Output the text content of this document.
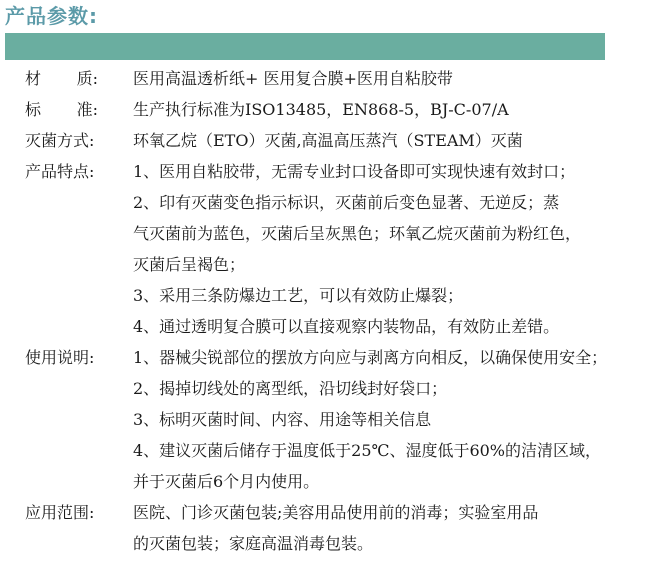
产品参数:
材 质: 医用高温透析纸+ 医用复合膜+医用自粘胶带
标 准: 生产执行标准为ISO13485，EN868-5，BJ-C-07/A
灭菌方式:	环氧乙烷（ETO）灭菌,高温高压蒸汽（STEAM）灭菌
产品特点:	1、医用自粘胶带，无需专业封口设备即可实现快速有效封口；
2、印有灭菌变色指示标识，灭菌前后变色显著、无逆反；蒸
气灭菌前为蓝色，灭菌后呈灰黑色；环氧乙烷灭菌前为粉红色，
灭菌后呈褐色；
3、采用三条防爆边工艺，可以有效防止爆裂；
4、通过透明复合膜可以直接观察内装物品，有效防止差错。
使用说明:	1、器械尖锐部位的摆放方向应与剥离方向相反，以确保使用安全；
2、揭掉切线处的离型纸，沿切线封好袋口；
3、标明灭菌时间、内容、用途等相关信息
4、建议灭菌后储存于温度低于25℃、湿度低于60%的洁清区域，
并于灭菌后6个月内使用。
应用范围:	医院、门诊灭菌包装;美容用品使用前的消毒；实验室用品
的灭菌包装；家庭高温消毒包装。
